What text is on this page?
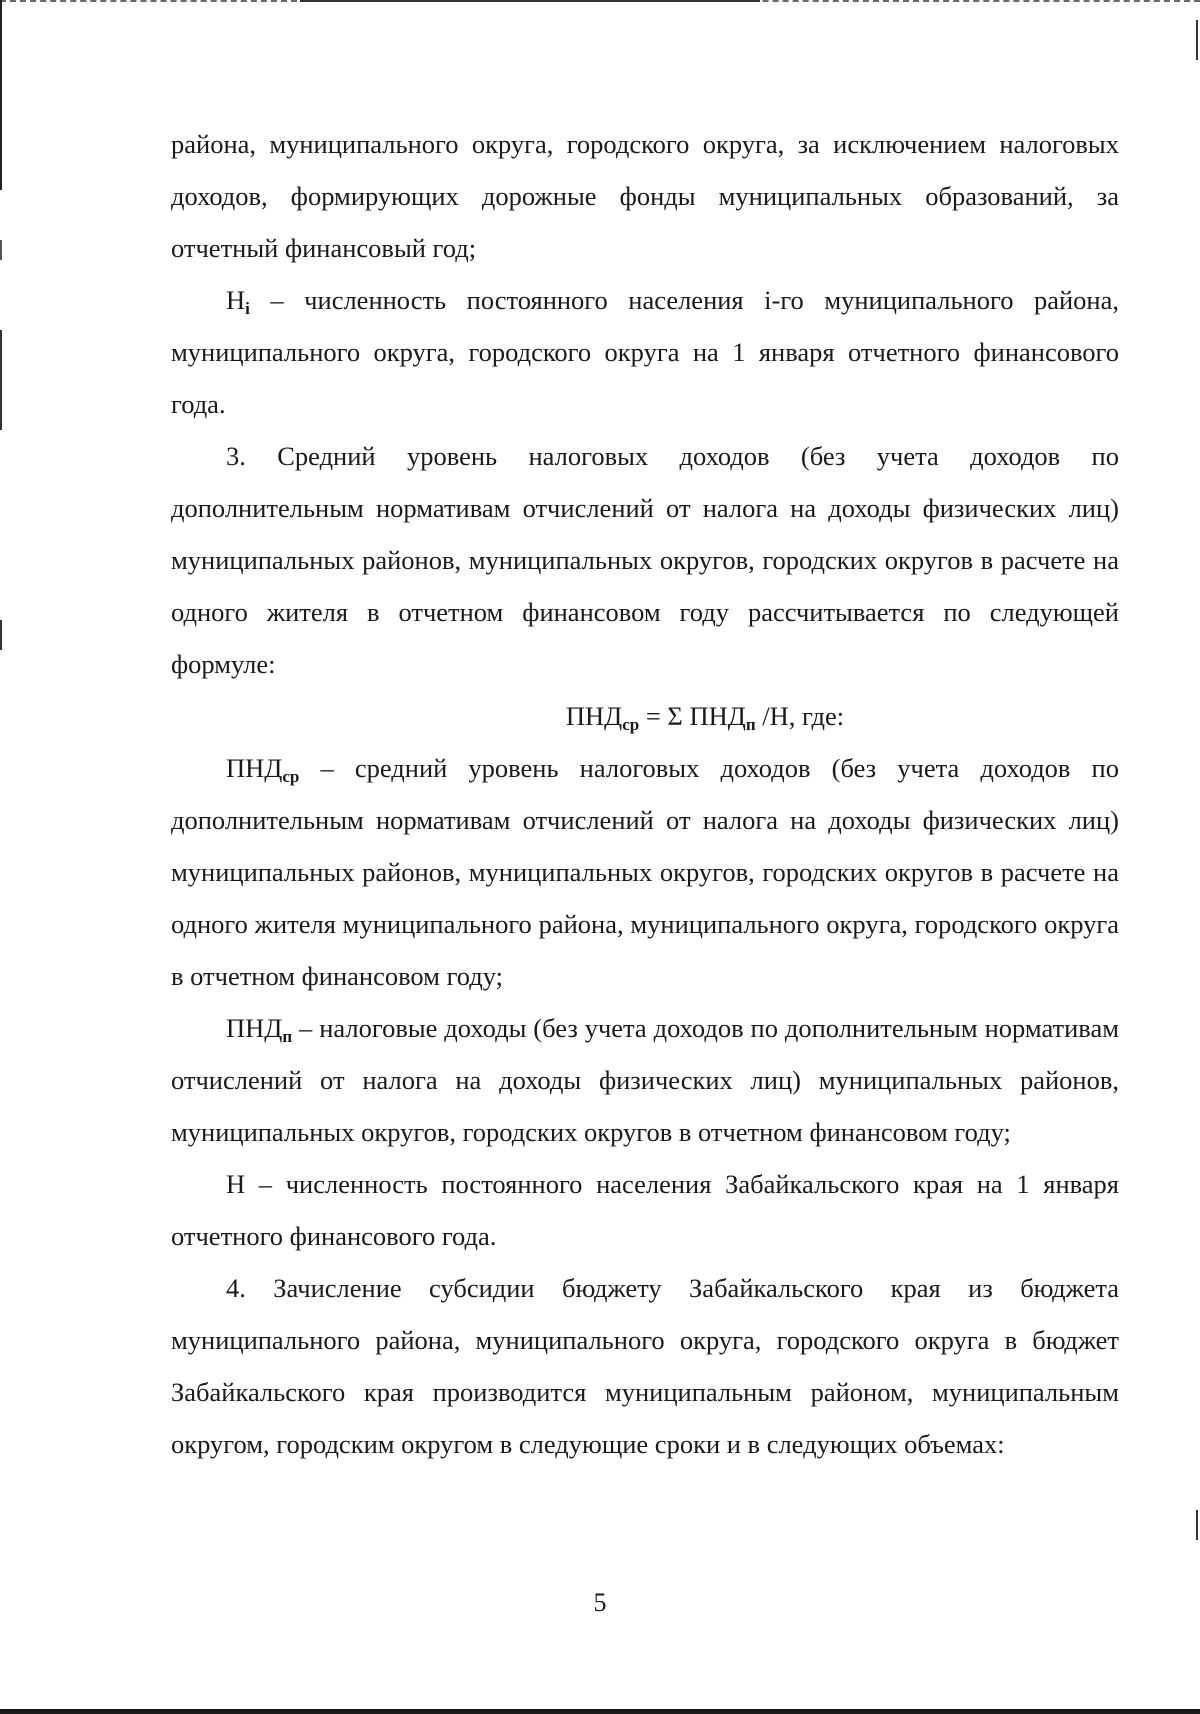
района, муниципального округа, городского округа, за исключением налоговых доходов, формирующих дорожные фонды муниципальных образований, за отчетный финансовый год;

$Н_i$ – численность постоянного населения i-го муниципального района, муниципального округа, городского округа на 1 января отчетного финансового года.

3. Средний уровень налоговых доходов (без учета доходов по дополнительным нормативам отчислений от налога на доходы физических лиц) муниципальных районов, муниципальных округов, городских округов в расчете на одного жителя в отчетном финансовом году рассчитывается по следующей формуле:

$ПНД_{ср} = \Sigma$ $ПНД_п$ /Н, где:

$ПНД_{ср}$ – средний уровень налоговых доходов (без учета доходов по дополнительным нормативам отчислений от налога на доходы физических лиц) муниципальных районов, муниципальных округов, городских округов в расчете на одного жителя муниципального района, муниципального округа, городского округа в отчетном финансовом году;

$ПНД_п$ – налоговые доходы (без учета доходов по дополнительным нормативам отчислений от налога на доходы физических лиц) муниципальных районов, муниципальных округов, городских округов в отчетном финансовом году;

Н – численность постоянного населения Забайкальского края на 1 января отчетного финансового года.

4. Зачисление субсидии бюджету Забайкальского края из бюджета муниципального района, муниципального округа, городского округа в бюджет Забайкальского края производится муниципальным районом, муниципальным округом, городским округом в следующие сроки и в следующих объемах:

5
